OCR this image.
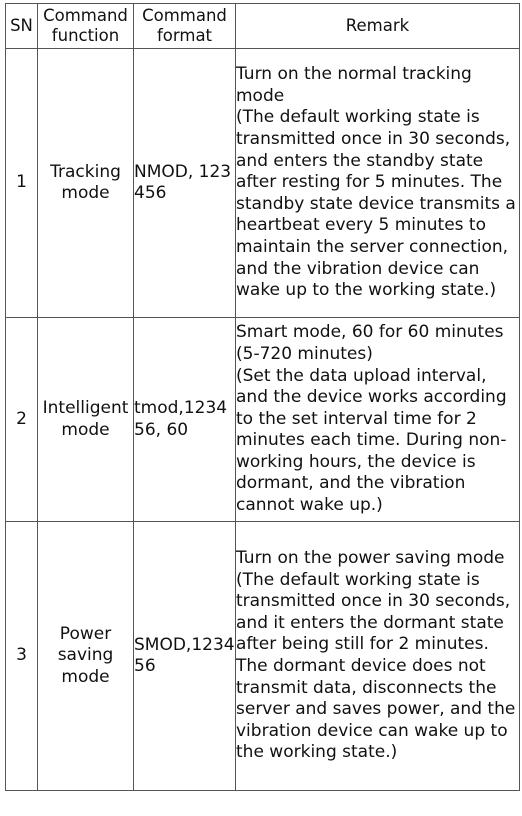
SN	Command function	Command format	Remark
1	Tracking mode	NMOD, 123456	Turn on the normal tracking mode

(The default working state is transmitted once in 30 seconds, and enters the standby state after resting for 5 minutes. The standby state device transmits a heartbeat every 5 minutes to maintain the server connection, and the vibration device can wake up to the working state.)

2	Intelligent mode	tmod,123456, 60	Smart mode, 60 for 60 minutes (5-720 minutes)

(Set the data upload interval, and the device works according to the set interval time for 2 minutes each time. During non-working hours, the device is dormant, and the vibration cannot wake up.)

3	Power saving mode	SMOD,123456	Turn on the power saving mode

(The default working state is transmitted once in 30 seconds, and it enters the dormant state after being still for 2 minutes. The dormant device does not transmit data, disconnects the server and saves power, and the vibration device can wake up to the working state.)
